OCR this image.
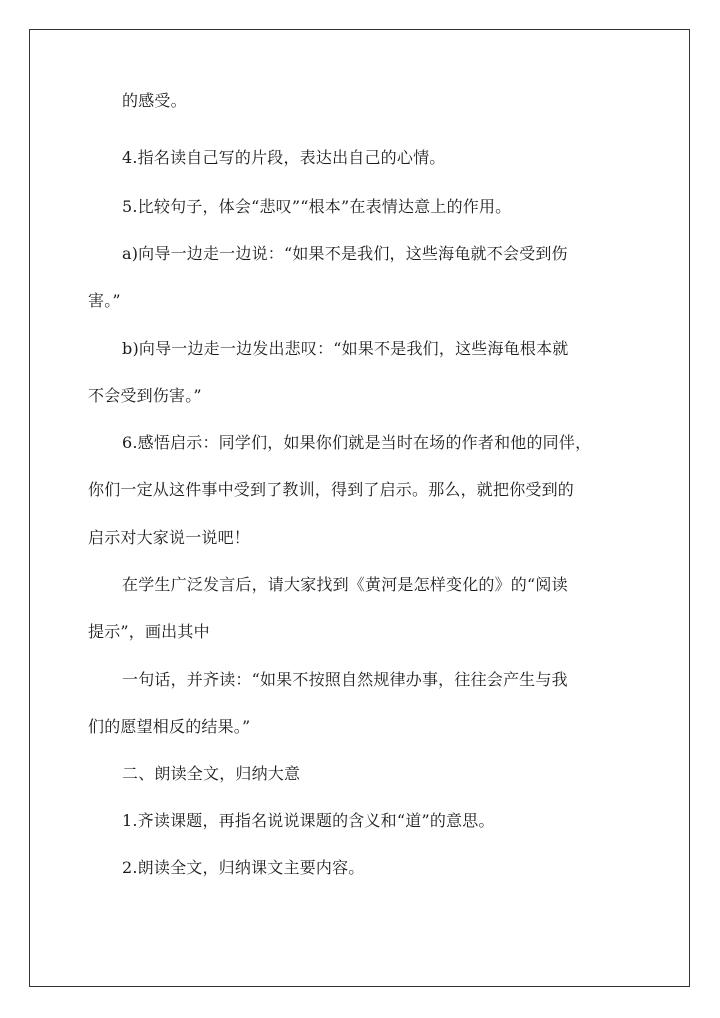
的感受。
4.指名读自己写的片段，表达出自己的心情。
5.比较句子，体会“悲叹”“根本”在表情达意上的作用。
a)向导一边走一边说：“如果不是我们，这些海龟就不会受到伤
害。”
b)向导一边走一边发出悲叹：“如果不是我们，这些海龟根本就
不会受到伤害。”
6.感悟启示：同学们，如果你们就是当时在场的作者和他的同伴，
你们一定从这件事中受到了教训，得到了启示。那么，就把你受到的
启示对大家说一说吧！
在学生广泛发言后，请大家找到《黄河是怎样变化的》的“阅读
提示”，画出其中
一句话，并齐读：“如果不按照自然规律办事，往往会产生与我
们的愿望相反的结果。”
二、朗读全文，归纳大意
1.齐读课题，再指名说说课题的含义和“道”的意思。
2.朗读全文，归纳课文主要内容。
